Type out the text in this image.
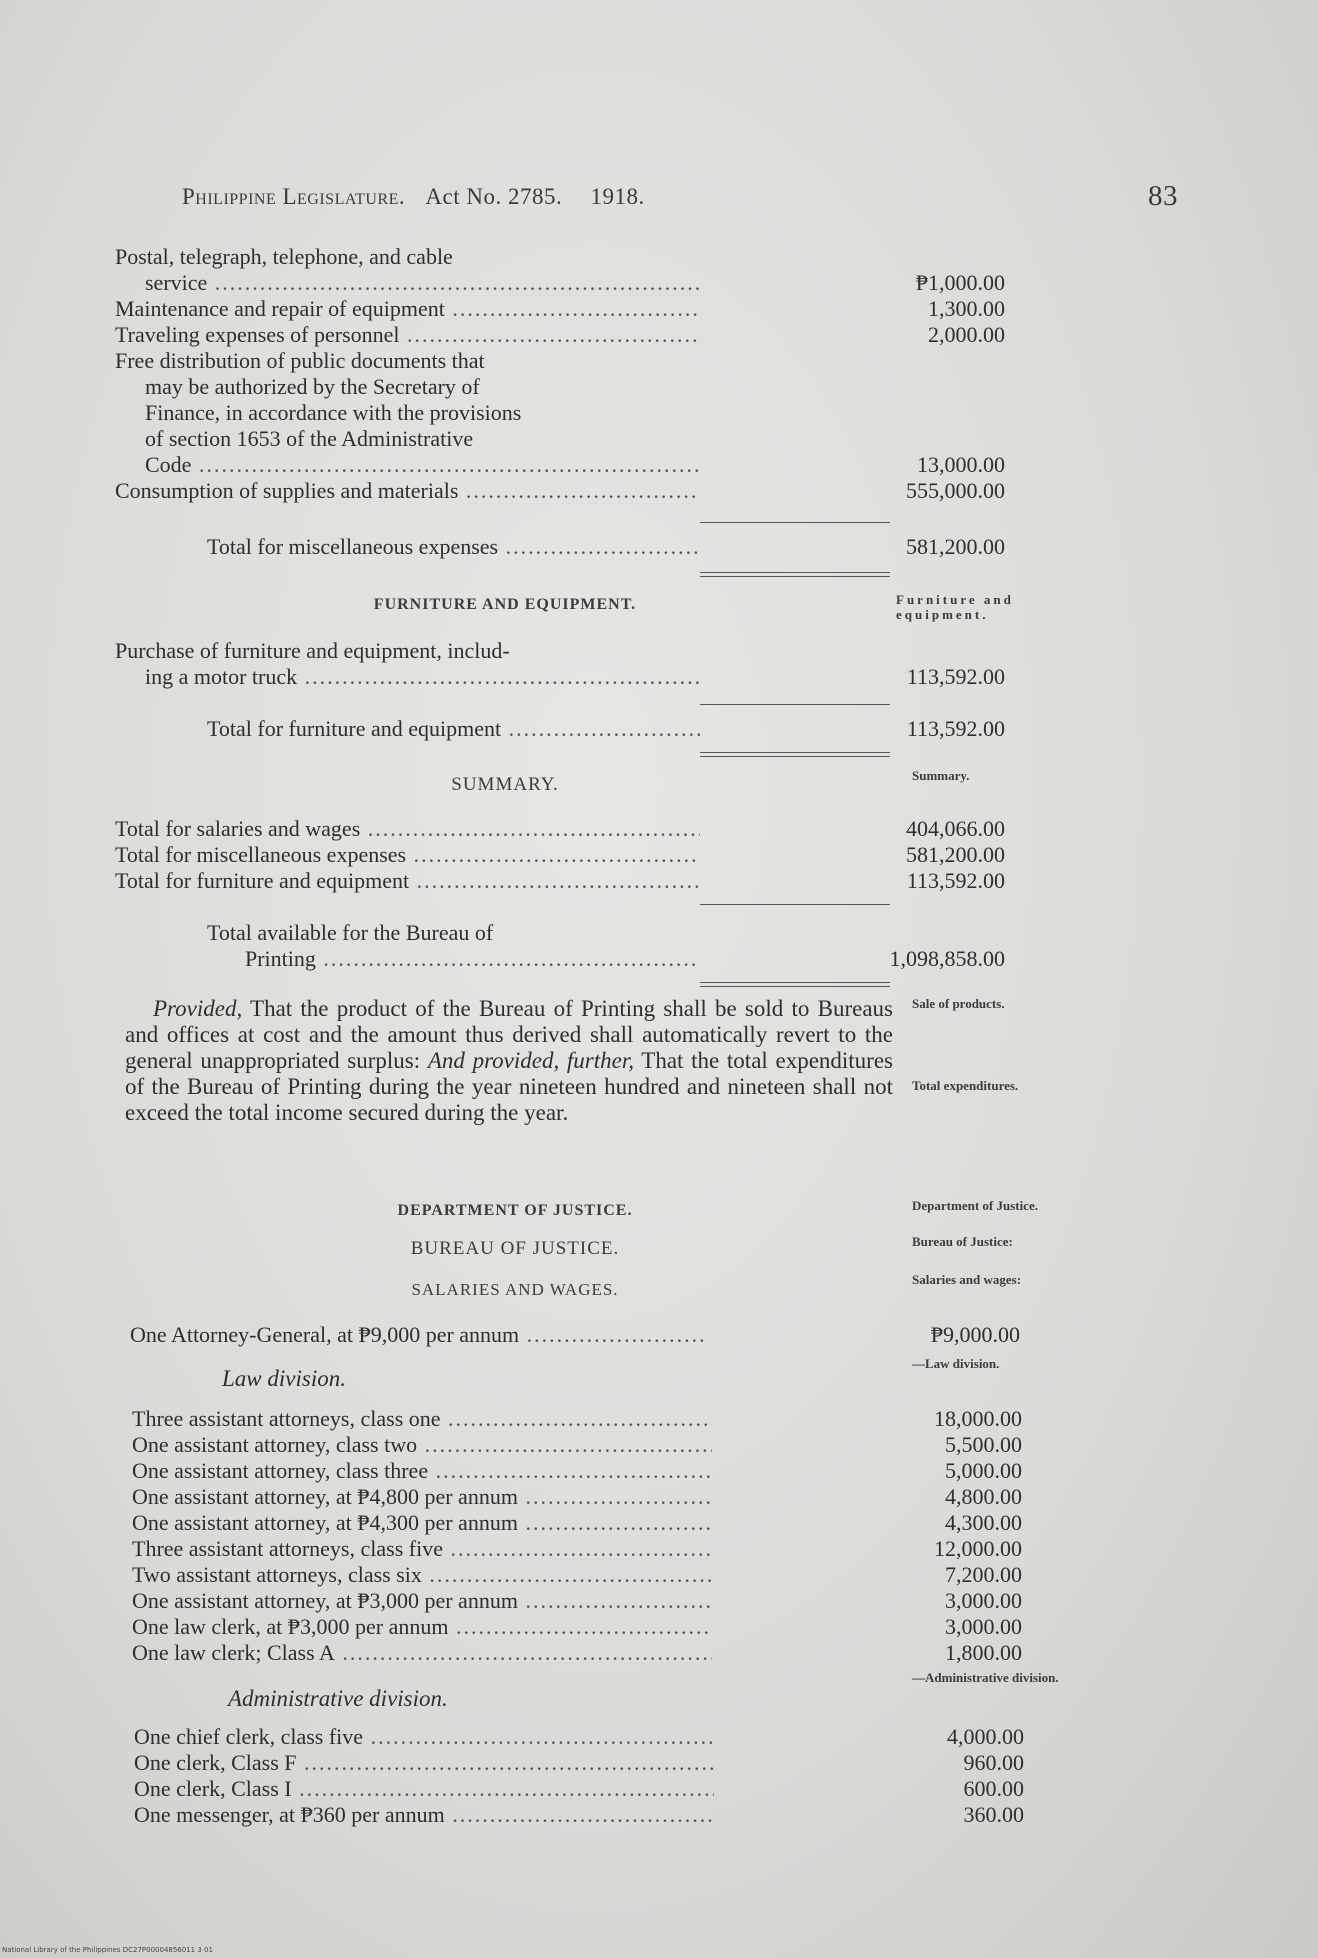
Philippine Legislature. Act No. 2785. 1918.	83
Postal, telegraph, telephone, and cable
service .....	₱1,000.00
Maintenance and repair of equipment .....	1,300.00
Traveling expenses of personnel .....	2,000.00
Free distribution of public documents that
may be authorized by the Secretary of
Finance, in accordance with the provisions
of section 1653 of the Administrative
Code .....	13,000.00
Consumption of supplies and materials .....	555,000.00
Total for miscellaneous expenses .....	581,200.00
FURNITURE AND EQUIPMENT.	Furniture and equipment.
Purchase of furniture and equipment, includ-
ing a motor truck .....	113,592.00
Total for furniture and equipment .....	113,592.00
SUMMARY.	Summary.
Total for salaries and wages .....	404,066.00
Total for miscellaneous expenses .....	581,200.00
Total for furniture and equipment .....	113,592.00
Total available for the Bureau of
Printing .....	1,098,858.00
Provided, That the product of the Bureau of Printing shall be sold to Bureaus and offices at cost and the amount thus derived shall automatically revert to the general unappropriated surplus: And provided, further, That the total expenditures of the Bureau of Printing during the year nineteen hundred and nineteen shall not exceed the total income secured during the year.
Sale of products.
Total expenditures.
DEPARTMENT OF JUSTICE.	Department of Justice.
BUREAU OF JUSTICE.	Bureau of Justice:
SALARIES AND WAGES.
Salaries and wages:
One Attorney-General, at ₱9,000 per annum .....	₱9,000.00
Law division.
—Law division.
Three assistant attorneys, class one .....	18,000.00
One assistant attorney, class two .....	5,500.00
One assistant attorney, class three .....	5,000.00
One assistant attorney, at ₱4,800 per annum .....	4,800.00
One assistant attorney, at ₱4,300 per annum .....	4,300.00
Three assistant attorneys, class five .....	12,000.00
Two assistant attorneys, class six .....	7,200.00
One assistant attorney, at ₱3,000 per annum .....	3,000.00
One law clerk, at ₱3,000 per annum .....	3,000.00
One law clerk; Class A .....	1,800.00
Administrative division.
—Administrative division.
One chief clerk, class five .....	4,000.00
One clerk, Class F .....	960.00
One clerk, Class I .....	600.00
One messenger, at ₱360 per annum .....	360.00
National Library of the Philippines DC27P00004856011 3 01
